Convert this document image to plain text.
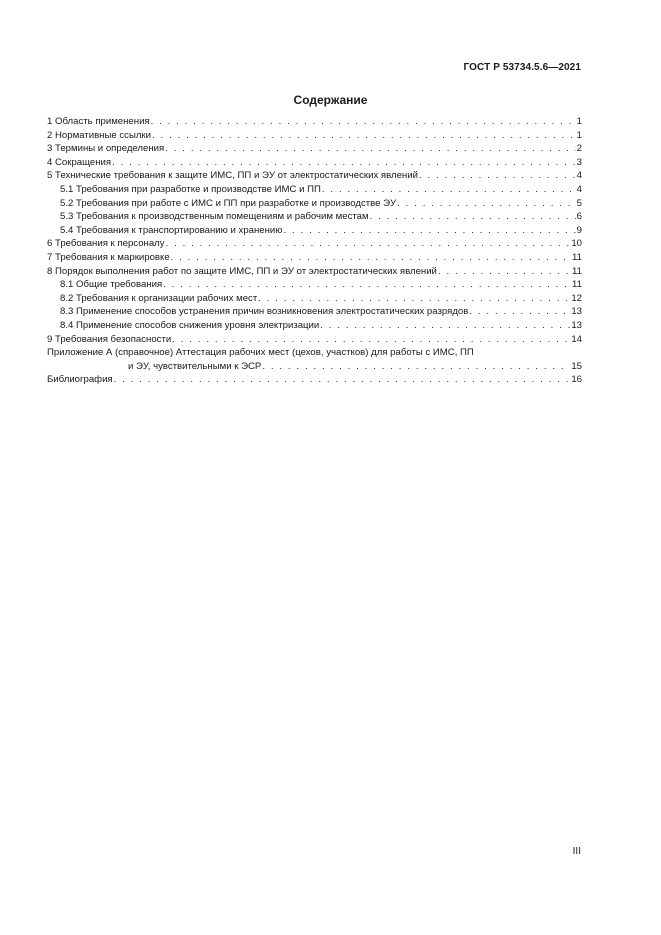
ГОСТ Р 53734.5.6—2021
Содержание
1 Область применения . . .	1
2 Нормативные ссылки . . .	1
3 Термины и определения . . .	2
4 Сокращения . . .	3
5 Технические требования к защите ИМС, ПП и ЭУ от электростатических явлений . . .	4
5.1 Требования при разработке и производстве ИМС и ПП . . .	4
5.2 Требования при работе с ИМС и ПП при разработке и производстве ЭУ . . .	5
5.3 Требования к производственным помещениям и рабочим местам . . .	6
5.4 Требования к транспортированию и хранению . . .	9
6 Требования к персоналу . . .	10
7 Требования к маркировке . . .	11
8 Порядок выполнения работ по защите ИМС, ПП и ЭУ от электростатических явлений . . .	11
8.1 Общие требования . . .	11
8.2 Требования к организации рабочих мест . . .	12
8.3 Применение способов устранения причин возникновения электростатических разрядов . . .	13
8.4 Применение способов снижения уровня электризации . . .	13
9 Требования безопасности . . .	14
Приложение А (справочное) Аттестация рабочих мест (цехов, участков) для работы с ИМС, ПП
и ЭУ, чувствительными к ЭСР . . .	15
Библиография . . .	16
III
